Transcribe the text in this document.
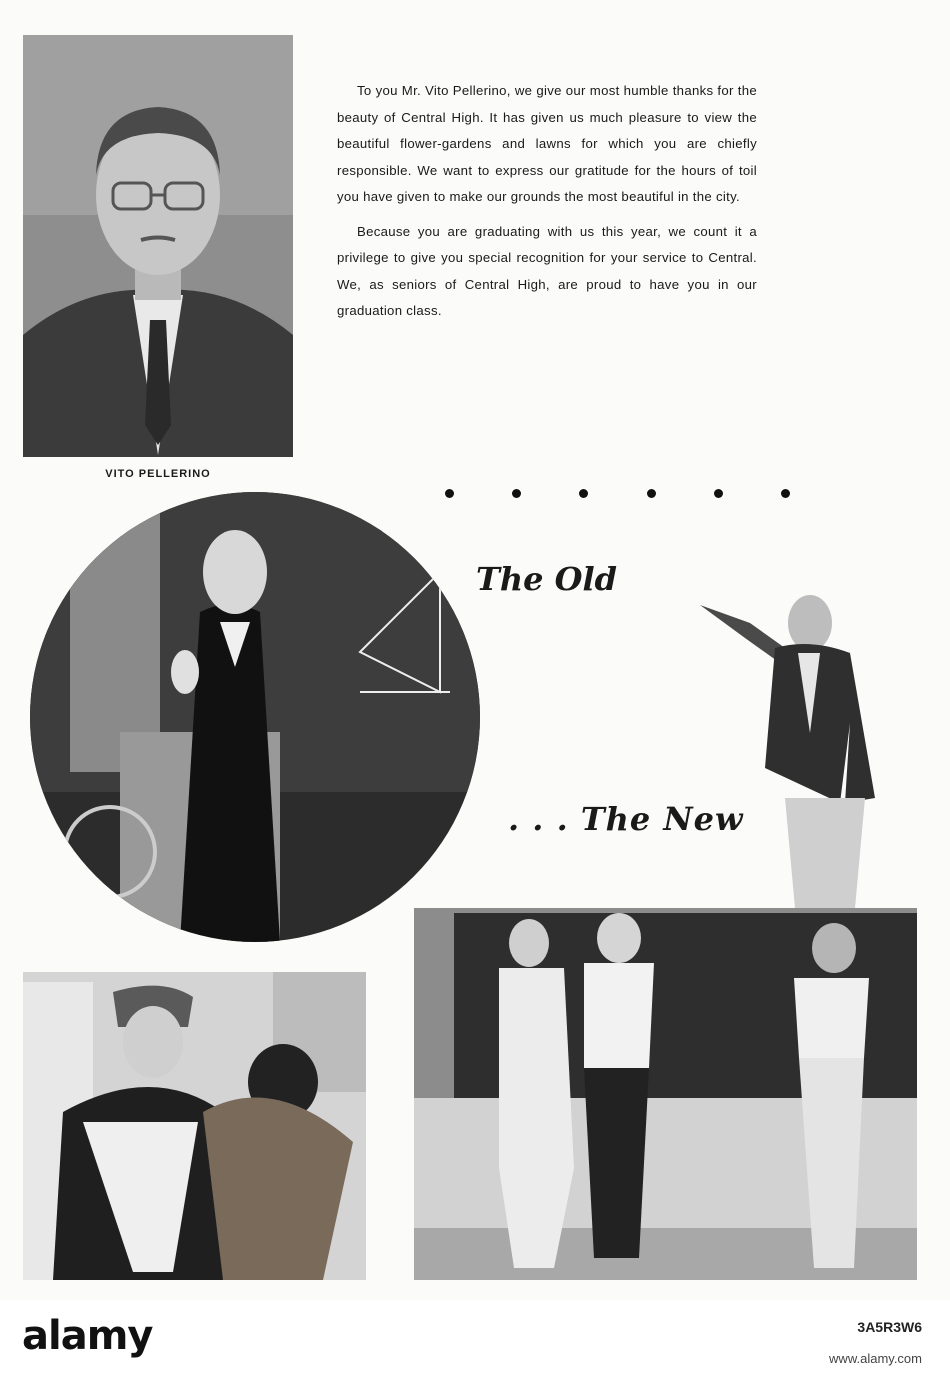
VITO PELLERINO

To you Mr. Vito Pellerino, we give our most humble thanks for the beauty of Central High. It has given us much pleasure to view the beautiful flower-gardens and lawns for which you are chiefly responsible. We want to express our gratitude for the hours of toil you have given to make our grounds the most beautiful in the city.

Because you are graduating with us this year, we count it a privilege to give you special recognition for your service to Central. We, as seniors of Central High, are proud to have you in our graduation class.

The Old
. . . The New
alamy	3A5R3W6
www.alamy.com
